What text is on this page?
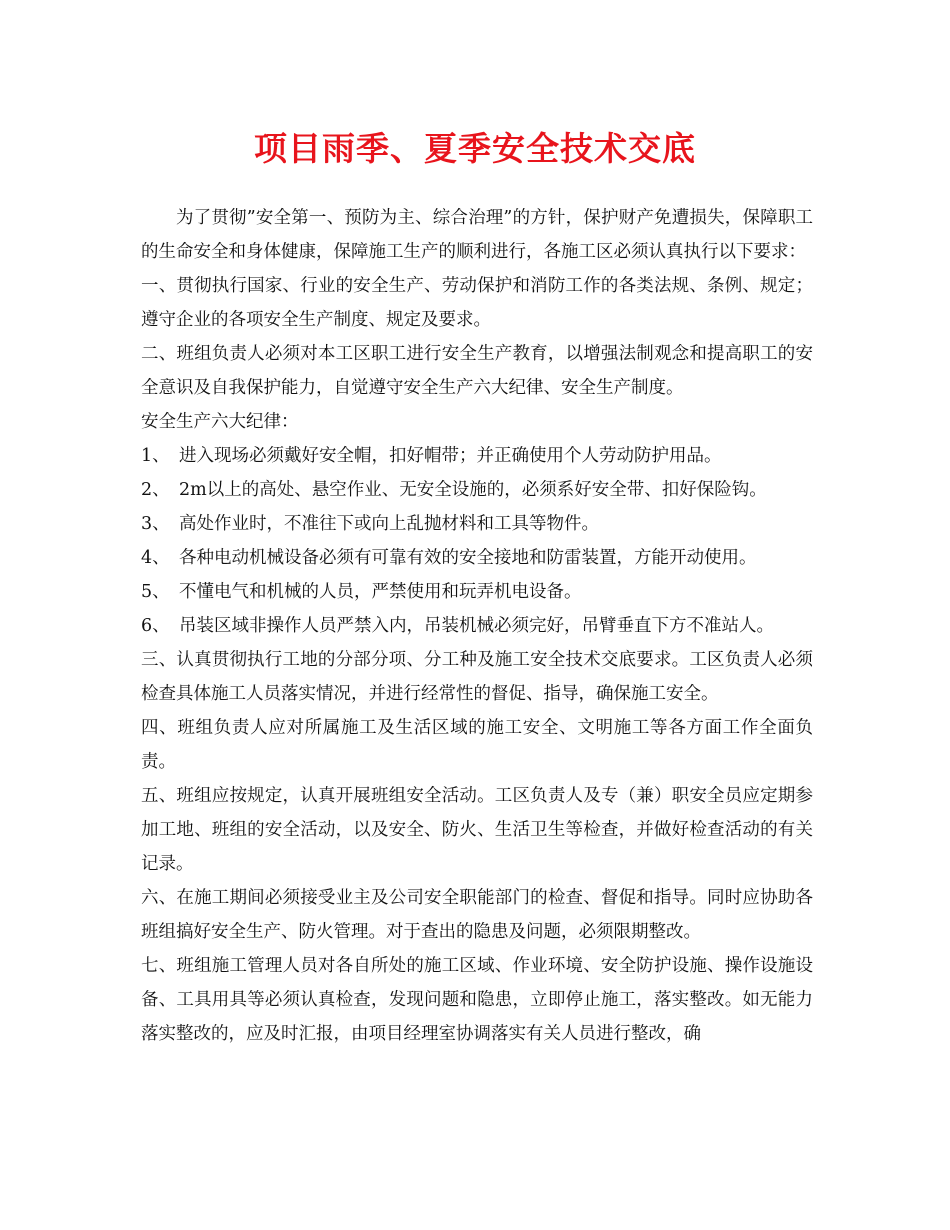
项目雨季、夏季安全技术交底

为了贯彻”安全第一、预防为主、综合治理”的方针，保护财产免遭损失，保障职工的生命安全和身体健康，保障施工生产的顺利进行，各施工区必须认真执行以下要求：

一、贯彻执行国家、行业的安全生产、劳动保护和消防工作的各类法规、条例、规定；遵守企业的各项安全生产制度、规定及要求。

二、班组负责人必须对本工区职工进行安全生产教育，以增强法制观念和提高职工的安全意识及自我保护能力，自觉遵守安全生产六大纪律、安全生产制度。

安全生产六大纪律：

1、 进入现场必须戴好安全帽，扣好帽带；并正确使用个人劳动防护用品。

2、 2m以上的高处、悬空作业、无安全设施的，必须系好安全带、扣好保险钩。

3、 高处作业时，不准往下或向上乱抛材料和工具等物件。

4、 各种电动机械设备必须有可靠有效的安全接地和防雷装置，方能开动使用。

5、 不懂电气和机械的人员，严禁使用和玩弄机电设备。

6、 吊装区域非操作人员严禁入内，吊装机械必须完好，吊臂垂直下方不准站人。

三、认真贯彻执行工地的分部分项、分工种及施工安全技术交底要求。工区负责人必须检查具体施工人员落实情况，并进行经常性的督促、指导，确保施工安全。

四、班组负责人应对所属施工及生活区域的施工安全、文明施工等各方面工作全面负责。

五、班组应按规定，认真开展班组安全活动。工区负责人及专（兼）职安全员应定期参加工地、班组的安全活动，以及安全、防火、生活卫生等检查，并做好检查活动的有关记录。

六、在施工期间必须接受业主及公司安全职能部门的检查、督促和指导。同时应协助各班组搞好安全生产、防火管理。对于查出的隐患及问题，必须限期整改。

七、班组施工管理人员对各自所处的施工区域、作业环境、安全防护设施、操作设施设备、工具用具等必须认真检查，发现问题和隐患，立即停止施工，落实整改。如无能力落实整改的，应及时汇报，由项目经理室协调落实有关人员进行整改，确
